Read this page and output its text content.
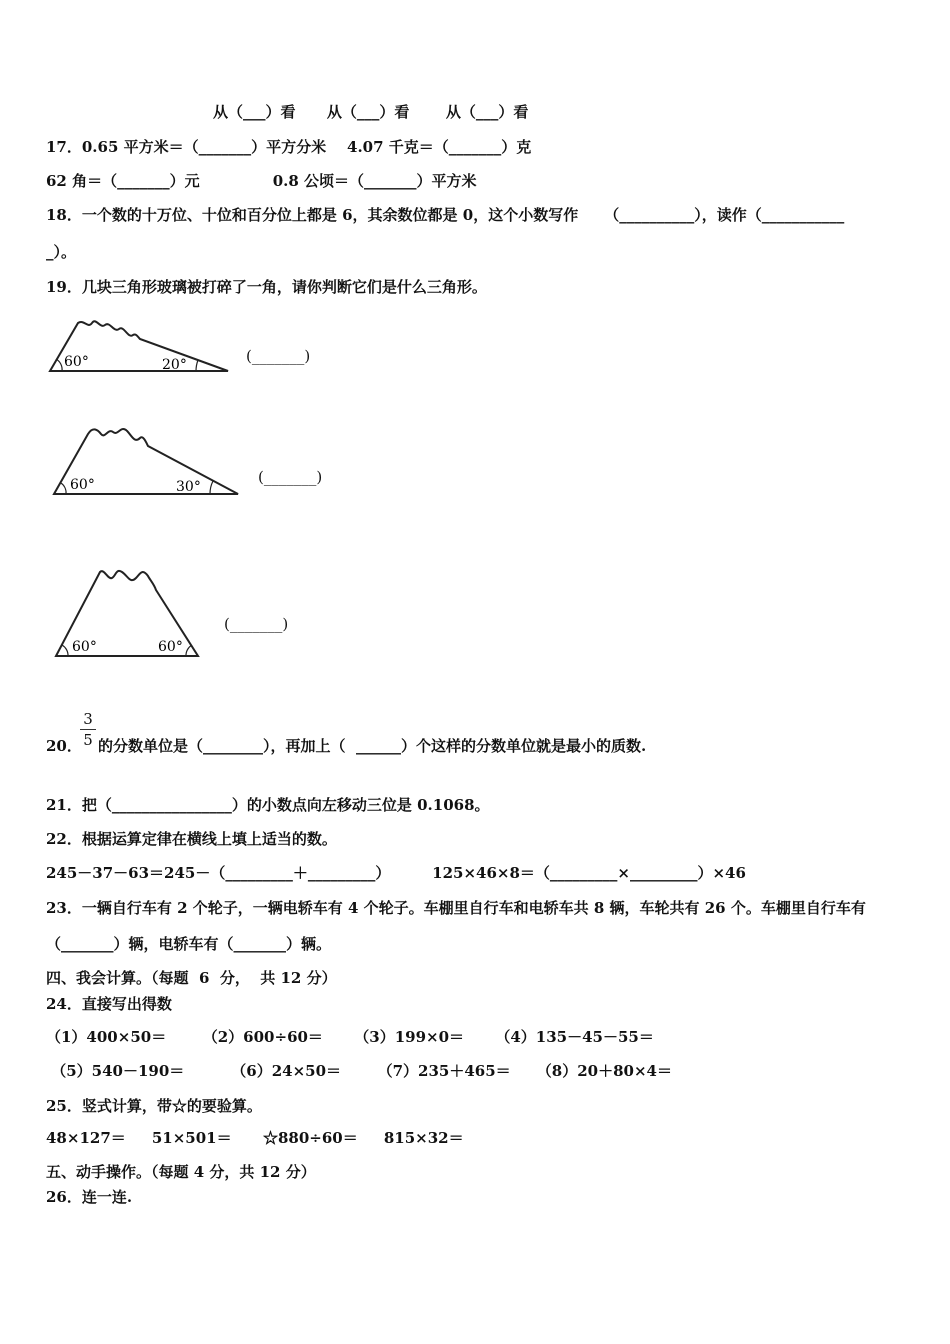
从（___）看      从（___）看       从（___）看
17．0.65 平方米＝（_______）平方分米    4.07 千克＝（_______）克
62 角＝（_______）元              0.8 公顷＝（_______）平方米
18．一个数的十万位、十位和百分位上都是 6，其余数位都是 0，这个小数写作     （__________），读作（___________
_）。
19．几块三角形玻璃被打碎了一角，请你判断它们是什么三角形。
60°	20°	(_______)
60°	30°
(_______)
60°	60°
(_______)
20．
3
5 的分数单位是（________），再加上（  ______）个这样的分数单位就是最小的质数.
21．把（________________）的小数点向左移动三位是 0.1068。
22．根据运算定律在横线上填上适当的数。
245－37－63＝245－（_________＋_________）        125×46×8＝（_________×_________）×46
23．一辆自行车有 2 个轮子，一辆电轿车有 4 个轮子。车棚里自行车和电轿车共 8 辆，车轮共有 26 个。车棚里自行车有
（_______）辆，电轿车有（_______）辆。
四、我会计算。（每题  6  分，  共 12 分）
24．直接写出得数
（1）400×50＝       （2）600÷60＝      （3）199×0＝      （4）135－45－55＝
（5）540－190＝         （6）24×50＝       （7）235＋465＝     （8）20＋80×4＝
25．竖式计算，带☆的要验算。
48×127＝     51×501＝      ☆880÷60＝     815×32＝
五、动手操作。（每题 4 分，共 12 分）
26．连一连.
